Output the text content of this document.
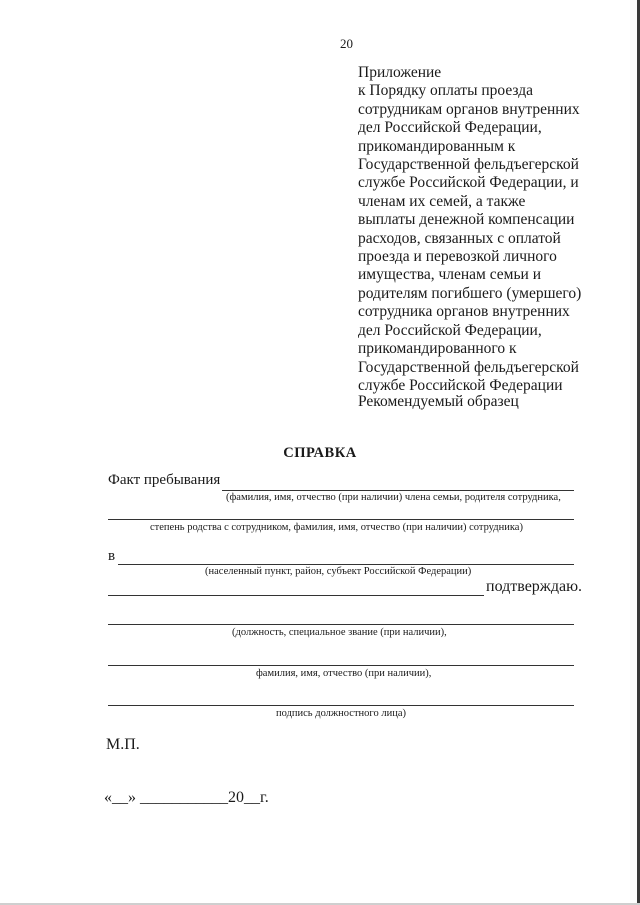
20
Приложение
к Порядку оплаты проезда
сотрудникам органов внутренних
дел Российской Федерации,
прикомандированным к
Государственной фельдъегерской
службе Российской Федерации, и
членам их семей, а также
выплаты денежной компенсации
расходов, связанных с оплатой
проезда и перевозкой личного
имущества, членам семьи и
родителям погибшего (умершего)
сотрудника органов внутренних
дел Российской Федерации,
прикомандированного к
Государственной фельдъегерской
службе Российской Федерации
Рекомендуемый образец
СПРАВКА
Факт пребывания
(фамилия, имя, отчество (при наличии) члена семьи, родителя сотрудника,
степень родства с сотрудником, фамилия, имя, отчество (при наличии) сотрудника)
в
(населенный пункт, район, субъект Российской Федерации)
подтверждаю.
(должность, специальное звание (при наличии),
фамилия, имя, отчество (при наличии),
подпись должностного лица)
М.П.
«__» ___________20__г.
